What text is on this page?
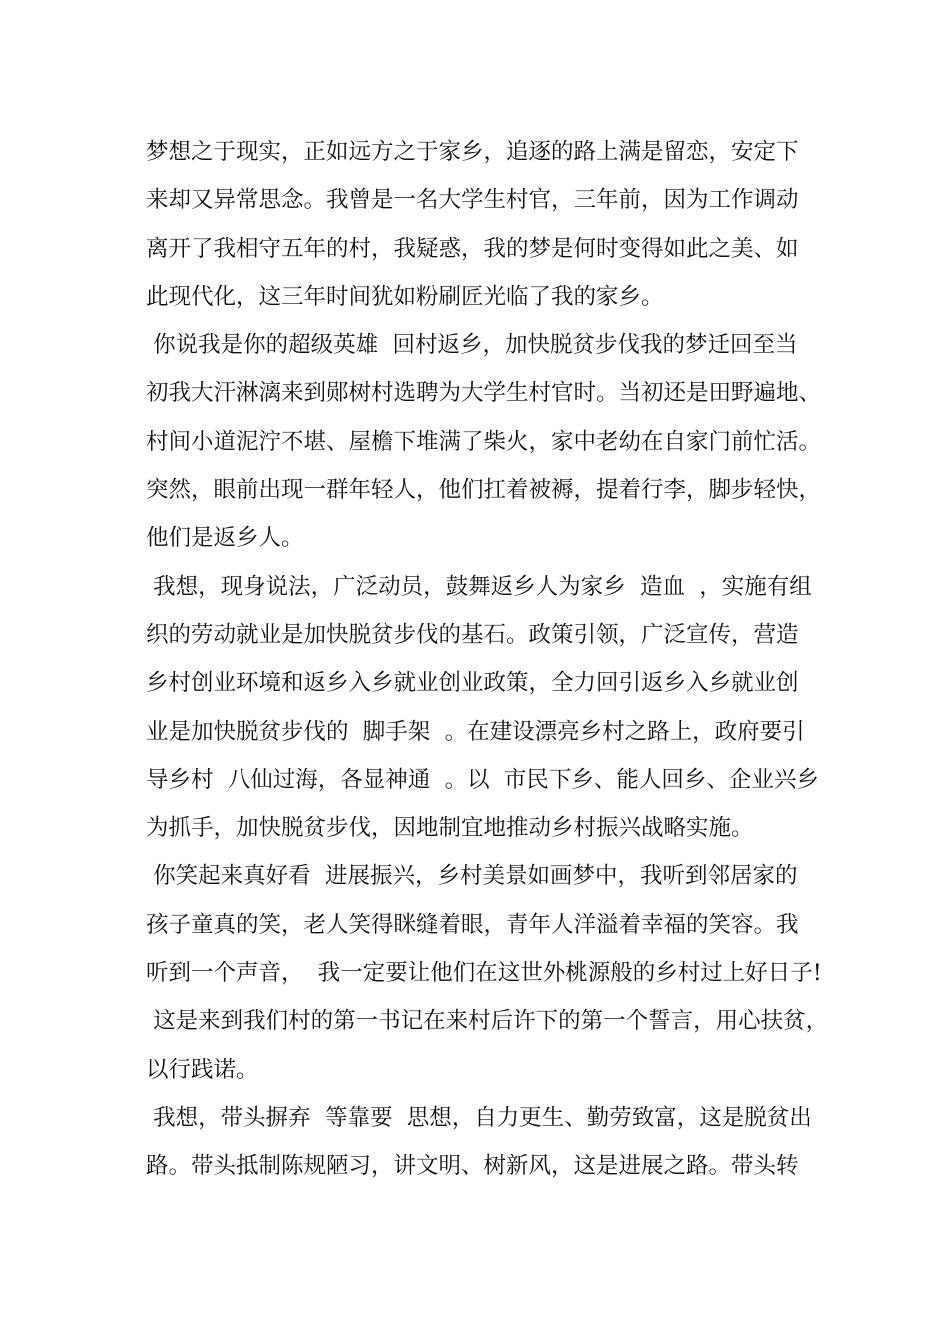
梦想之于现实，正如远方之于家乡，追逐的路上满是留恋，安定下
来却又异常思念。我曾是一名大学生村官，三年前，因为工作调动
离开了我相守五年的村，我疑惑，我的梦是何时变得如此之美、如
此现代化，这三年时间犹如粉刷匠光临了我的家乡。
你说我是你的超级英雄  回村返乡，加快脱贫步伐我的梦迁回至当
初我大汗淋漓来到郧树村选聘为大学生村官时。当初还是田野遍地、
村间小道泥泞不堪、屋檐下堆满了柴火，家中老幼在自家门前忙活。
突然，眼前出现一群年轻人，他们扛着被褥，提着行李，脚步轻快，
他们是返乡人。
我想，现身说法，广泛动员，鼓舞返乡人为家乡  造血  ，实施有组
织的劳动就业是加快脱贫步伐的基石。政策引领，广泛宣传，营造
乡村创业环境和返乡入乡就业创业政策，全力回引返乡入乡就业创
业是加快脱贫步伐的  脚手架  。在建设漂亮乡村之路上，政府要引
导乡村  八仙过海，各显神通  。以  市民下乡、能人回乡、企业兴乡
为抓手，加快脱贫步伐，因地制宜地推动乡村振兴战略实施。
你笑起来真好看  进展振兴，乡村美景如画梦中，我听到邻居家的
孩子童真的笑，老人笑得眯缝着眼，青年人洋溢着幸福的笑容。我
听到一个声音，  我一定要让他们在这世外桃源般的乡村过上好日子!
这是来到我们村的第一书记在来村后许下的第一个誓言，用心扶贫，
以行践诺。
我想，带头摒弃  等靠要  思想，自力更生、勤劳致富，这是脱贫出
路。带头抵制陈规陋习，讲文明、树新风，这是进展之路。带头转
